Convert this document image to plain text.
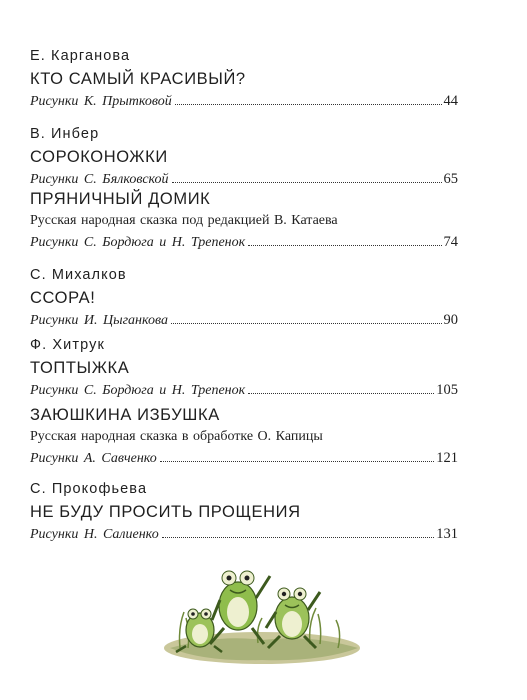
Е. Карганова
КТО САМЫЙ КРАСИВЫЙ?
Рисунки К. Прытковой	44
В. Инбер
СОРОКОНОЖКИ
Рисунки С. Бялковской	65
ПРЯНИЧНЫЙ ДОМИК
Русская народная сказка под редакцией В. Катаева
Рисунки С. Бордюга и Н. Трепенок	74
С. Михалков
ССОРА!
Рисунки И. Цыганкова	90
Ф. Хитрук
ТОПТЫЖКА
Рисунки С. Бордюга и Н. Трепенок	105
ЗАЮШКИНА ИЗБУШКА
Русская народная сказка в обработке О. Капицы
Рисунки А. Савченко	121
С. Прокофьева
НЕ БУДУ ПРОСИТЬ ПРОЩЕНИЯ
Рисунки Н. Салиенко	131
